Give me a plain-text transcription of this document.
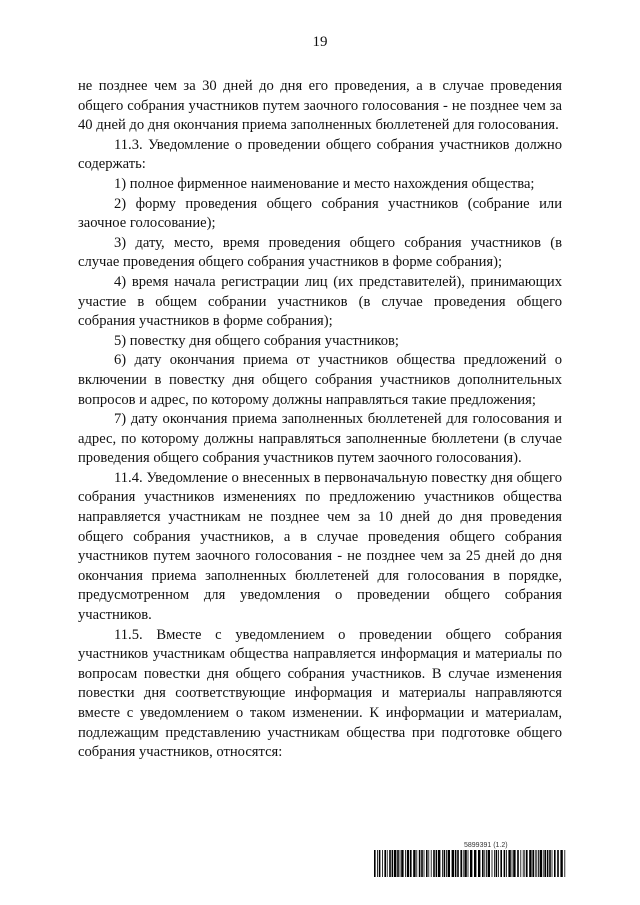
19

не позднее чем за 30 дней до дня его проведения, а в случае проведения общего собрания участников путем заочного голосования - не позднее чем за 40 дней до дня окончания приема заполненных бюллетеней для голосования.

11.3. Уведомление о проведении общего собрания участников должно содержать:

1) полное фирменное наименование и место нахождения общества;

2) форму проведения общего собрания участников (собрание или заочное голосование);

3) дату, место, время проведения общего собрания участников (в случае проведения общего собрания участников в форме собрания);

4) время начала регистрации лиц (их представителей), принимающих участие в общем собрании участников (в случае проведения общего собрания участников в форме собрания);

5) повестку дня общего собрания участников;

6) дату окончания приема от участников общества предложений о включении в повестку дня общего собрания участников дополнительных вопросов и адрес, по которому должны направляться такие предложения;

7) дату окончания приема заполненных бюллетеней для голосования и адрес, по которому должны направляться заполненные бюллетени (в случае проведения общего собрания участников путем заочного голосования).

11.4. Уведомление о внесенных в первоначальную повестку дня общего собрания участников изменениях по предложению участников общества направляется участникам не позднее чем за 10 дней до дня проведения общего собрания участников, а в случае проведения общего собрания участников путем заочного голосования - не позднее чем за 25 дней до дня окончания приема заполненных бюллетеней для голосования в порядке, предусмотренном для уведомления о проведении общего собрания участников.

11.5. Вместе с уведомлением о проведении общего собрания участников участникам общества направляется информация и материалы по вопросам повестки дня общего собрания участников. В случае изменения повестки дня соответствующие информация и материалы направляются вместе с уведомлением о таком изменении. К информации и материалам, подлежащим представлению участникам общества при подготовке общего собрания участников, относятся:

5899391 (1.2)
